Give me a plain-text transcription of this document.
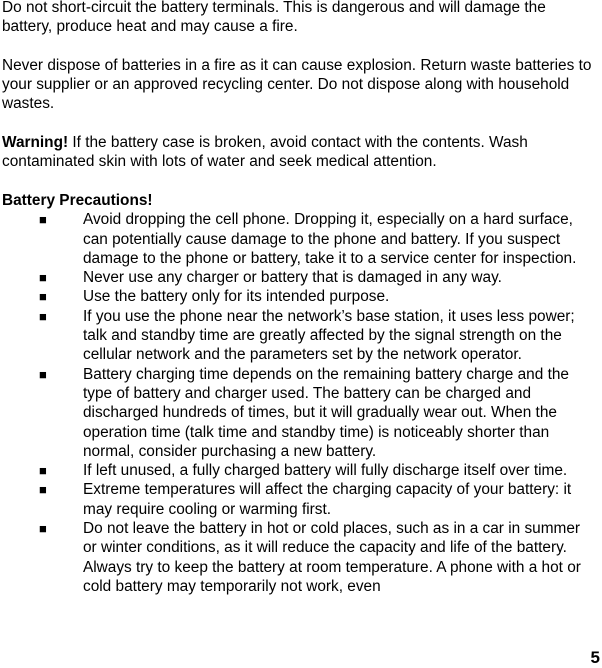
Do not short-circuit the battery terminals. This is dangerous and will damage the battery, produce heat and may cause a fire.

Never dispose of batteries in a fire as it can cause explosion. Return waste batteries to your supplier or an approved recycling center. Do not dispose along with household wastes.

Warning! If the battery case is broken, avoid contact with the contents. Wash contaminated skin with lots of water and seek medical attention.

Battery Precautions!
■ Avoid dropping the cell phone. Dropping it, especially on a hard surface, can potentially cause damage to the phone and battery. If you suspect damage to the phone or battery, take it to a service center for inspection.
■ Never use any charger or battery that is damaged in any way.
■ Use the battery only for its intended purpose.
■ If you use the phone near the network’s base station, it uses less power; talk and standby time are greatly affected by the signal strength on the cellular network and the parameters set by the network operator.
■ Battery charging time depends on the remaining battery charge and the type of battery and charger used. The battery can be charged and discharged hundreds of times, but it will gradually wear out. When the operation time (talk time and standby time) is noticeably shorter than normal, consider purchasing a new battery.
■ If left unused, a fully charged battery will fully discharge itself over time.
■ Extreme temperatures will affect the charging capacity of your battery: it may require cooling or warming first.
■ Do not leave the battery in hot or cold places, such as in a car in summer or winter conditions, as it will reduce the capacity and life of the battery. Always try to keep the battery at room temperature. A phone with a hot or cold battery may temporarily not work, even
5
